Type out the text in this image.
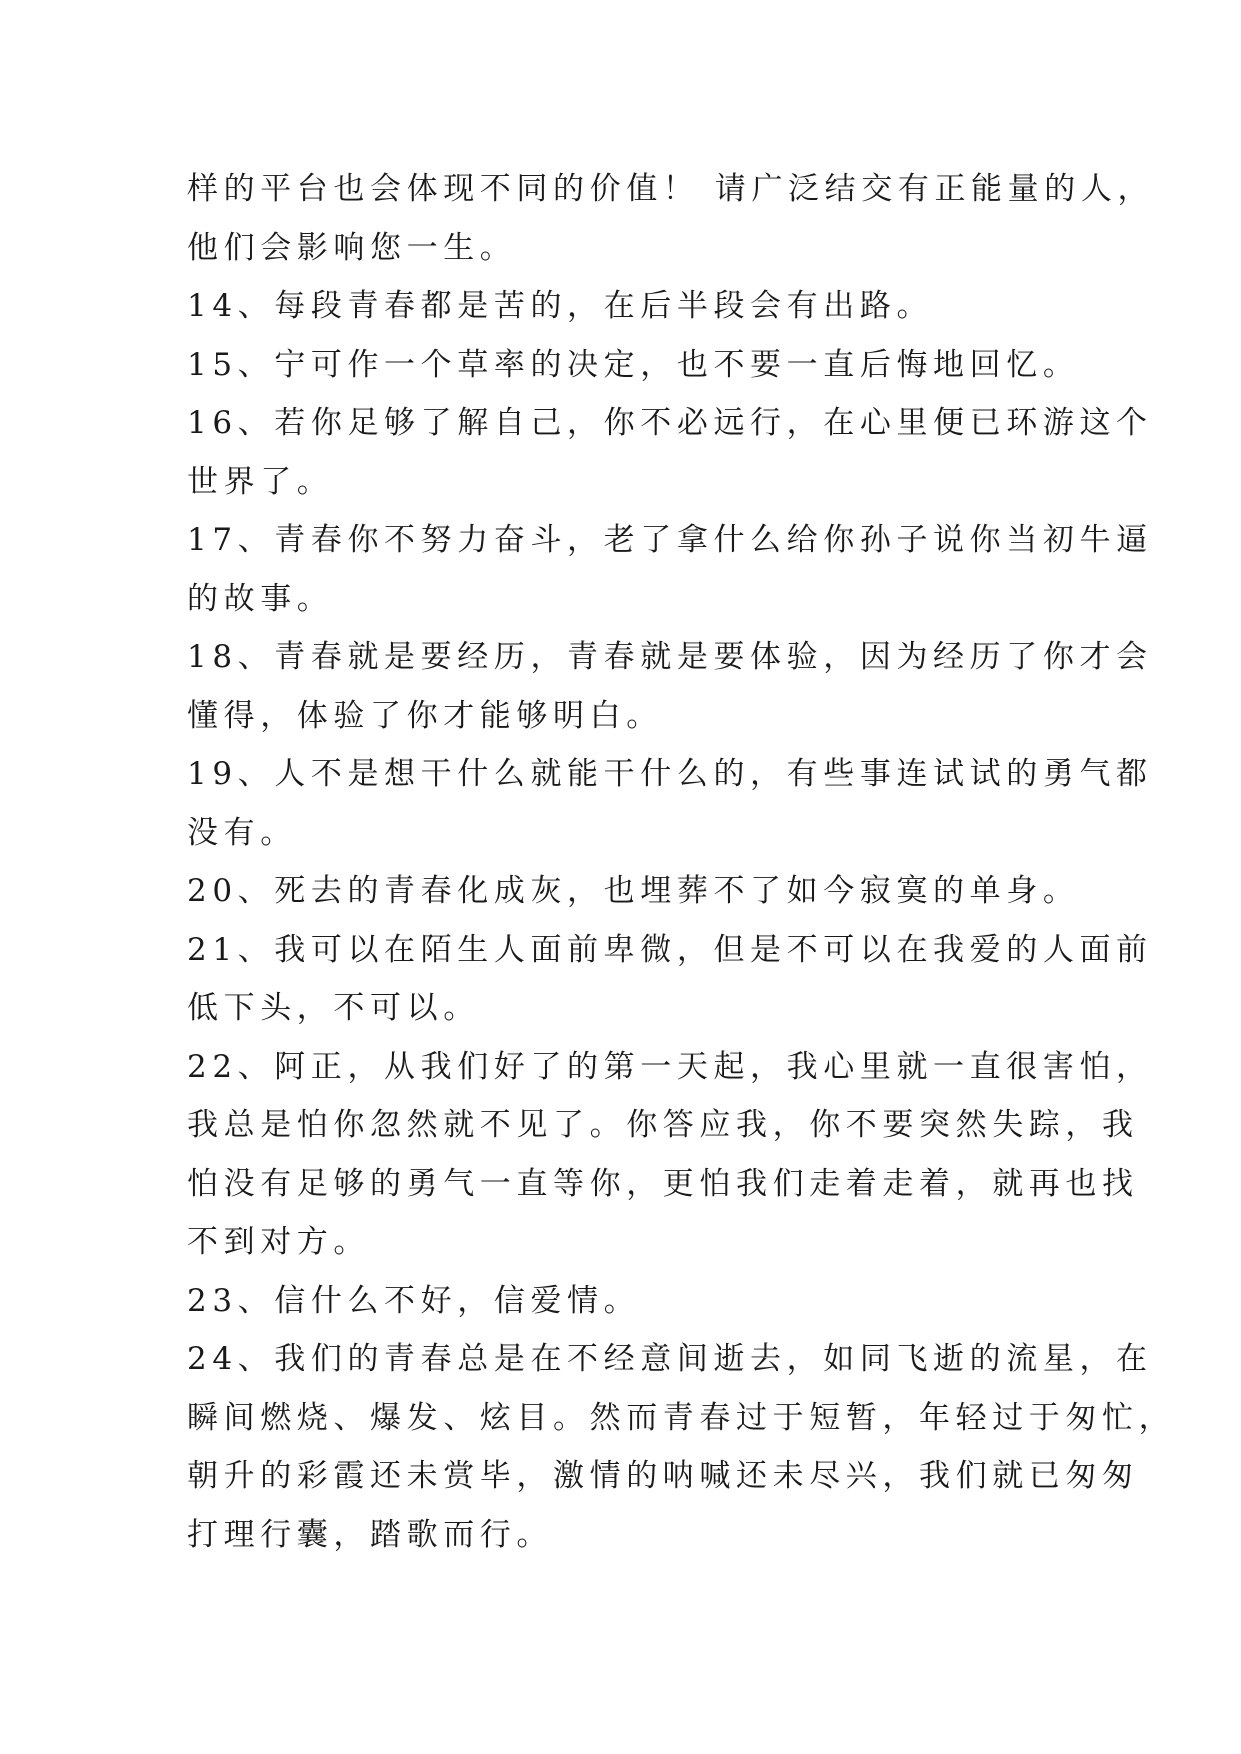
样的平台也会体现不同的价值！ 请广泛结交有正能量的人，
他们会影响您一生。
14、每段青春都是苦的，在后半段会有出路。
15、宁可作一个草率的决定，也不要一直后悔地回忆。
16、若你足够了解自己，你不必远行，在心里便已环游这个
世界了。
17、青春你不努力奋斗，老了拿什么给你孙子说你当初牛逼
的故事。
18、青春就是要经历，青春就是要体验，因为经历了你才会
懂得，体验了你才能够明白。
19、人不是想干什么就能干什么的，有些事连试试的勇气都
没有。
20、死去的青春化成灰，也埋葬不了如今寂寞的单身。
21、我可以在陌生人面前卑微，但是不可以在我爱的人面前
低下头，不可以。
22、阿正，从我们好了的第一天起，我心里就一直很害怕，
我总是怕你忽然就不见了。你答应我，你不要突然失踪，我
怕没有足够的勇气一直等你，更怕我们走着走着，就再也找
不到对方。
23、信什么不好，信爱情。
24、我们的青春总是在不经意间逝去，如同飞逝的流星，在
瞬间燃烧、爆发、炫目。然而青春过于短暂，年轻过于匆忙，
朝升的彩霞还未赏毕，激情的呐喊还未尽兴，我们就已匆匆
打理行囊，踏歌而行。
